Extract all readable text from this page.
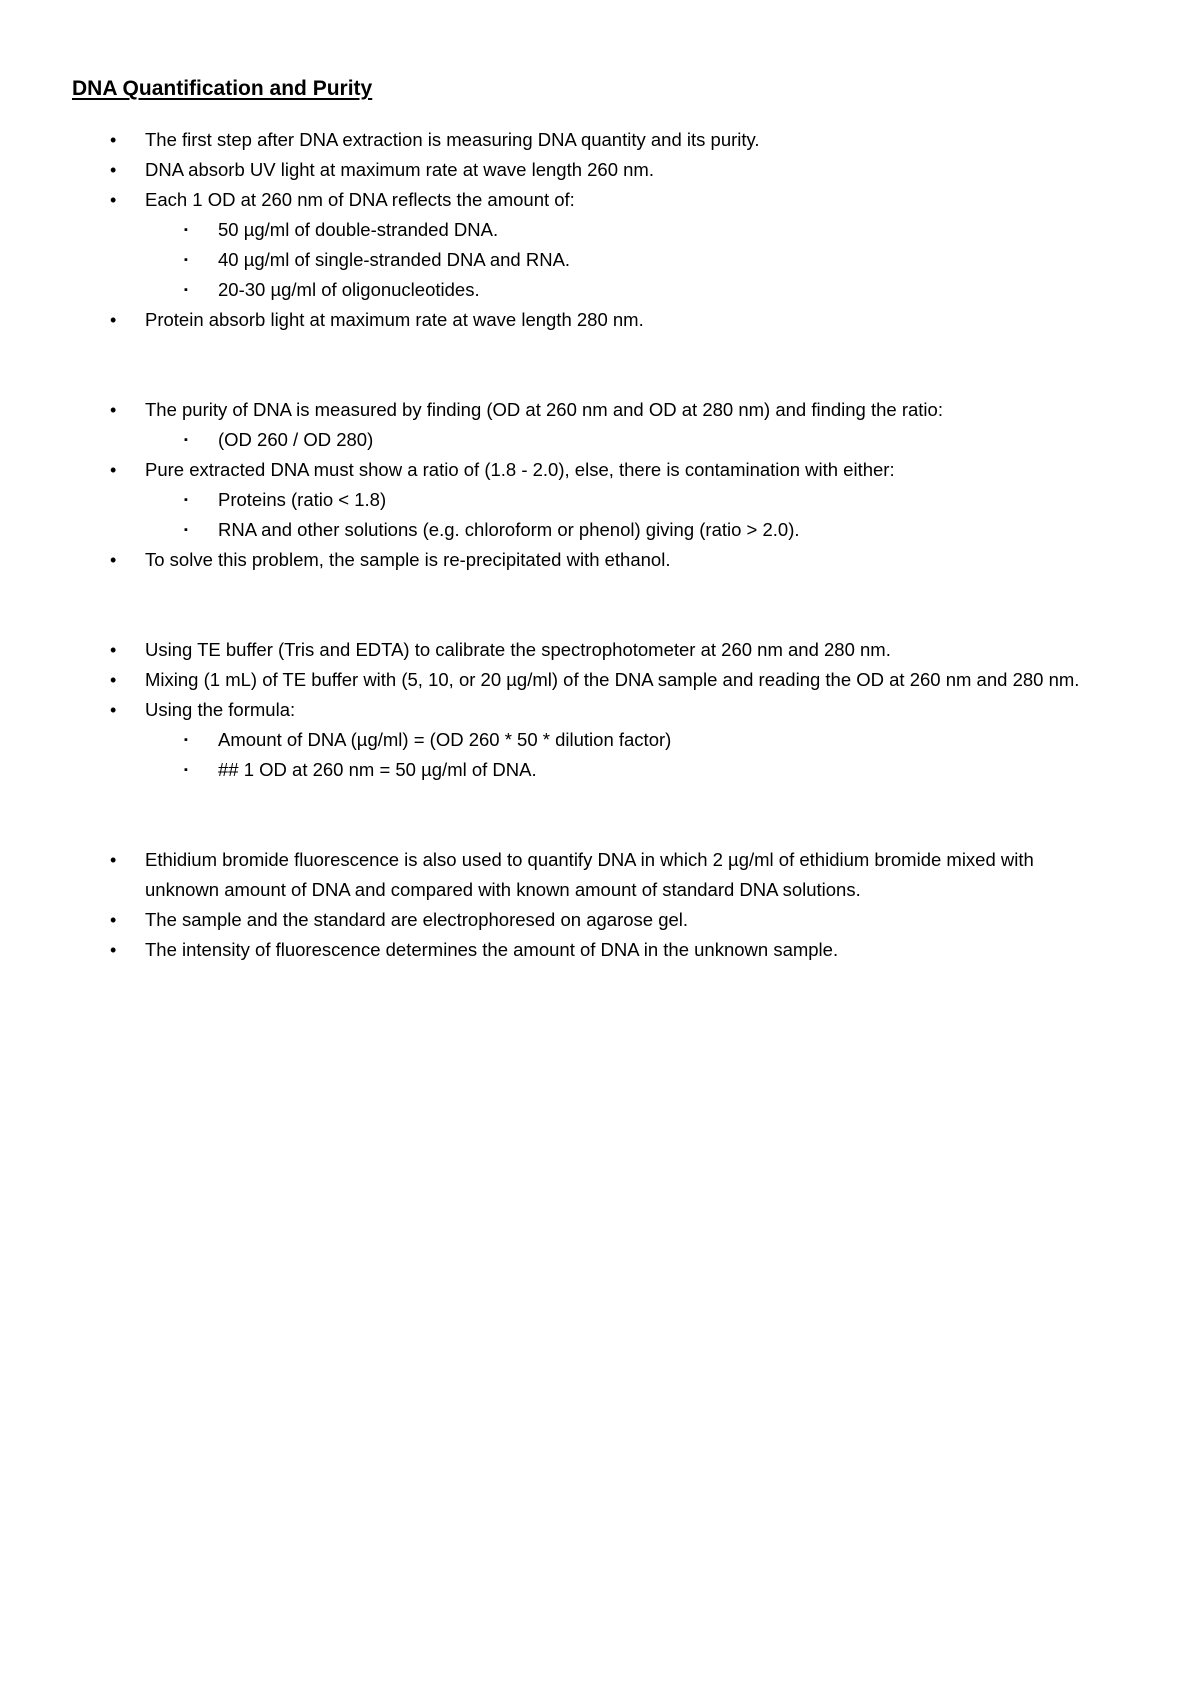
DNA Quantification and Purity
• The first step after DNA extraction is measuring DNA quantity and its purity.
• DNA absorb UV light at maximum rate at wave length 260 nm.
• Each 1 OD at 260 nm of DNA reflects the amount of:
▪ 50 µg/ml of double-stranded DNA.
▪ 40 µg/ml of single-stranded DNA and RNA.
▪ 20-30 µg/ml of oligonucleotides.
• Protein absorb light at maximum rate at wave length 280 nm.
• The purity of DNA is measured by finding (OD at 260 nm and OD at 280 nm) and finding the ratio:
▪ (OD 260 / OD 280)
• Pure extracted DNA must show a ratio of (1.8 - 2.0), else, there is contamination with either:
▪ Proteins (ratio < 1.8)
▪ RNA and other solutions (e.g. chloroform or phenol) giving (ratio > 2.0).
• To solve this problem, the sample is re-precipitated with ethanol.
• Using TE buffer (Tris and EDTA) to calibrate the spectrophotometer at 260 nm and 280 nm.
• Mixing (1 mL) of TE buffer with (5, 10, or 20 µg/ml) of the DNA sample and reading the OD at 260 nm and 280 nm.
• Using the formula:
▪ Amount of DNA (µg/ml) = (OD 260 * 50 * dilution factor)
▪ ## 1 OD at 260 nm = 50 µg/ml of DNA.
• Ethidium bromide fluorescence is also used to quantify DNA in which 2 µg/ml of ethidium bromide mixed with unknown amount of DNA and compared with known amount of standard DNA solutions.
• The sample and the standard are electrophoresed on agarose gel.
• The intensity of fluorescence determines the amount of DNA in the unknown sample.
